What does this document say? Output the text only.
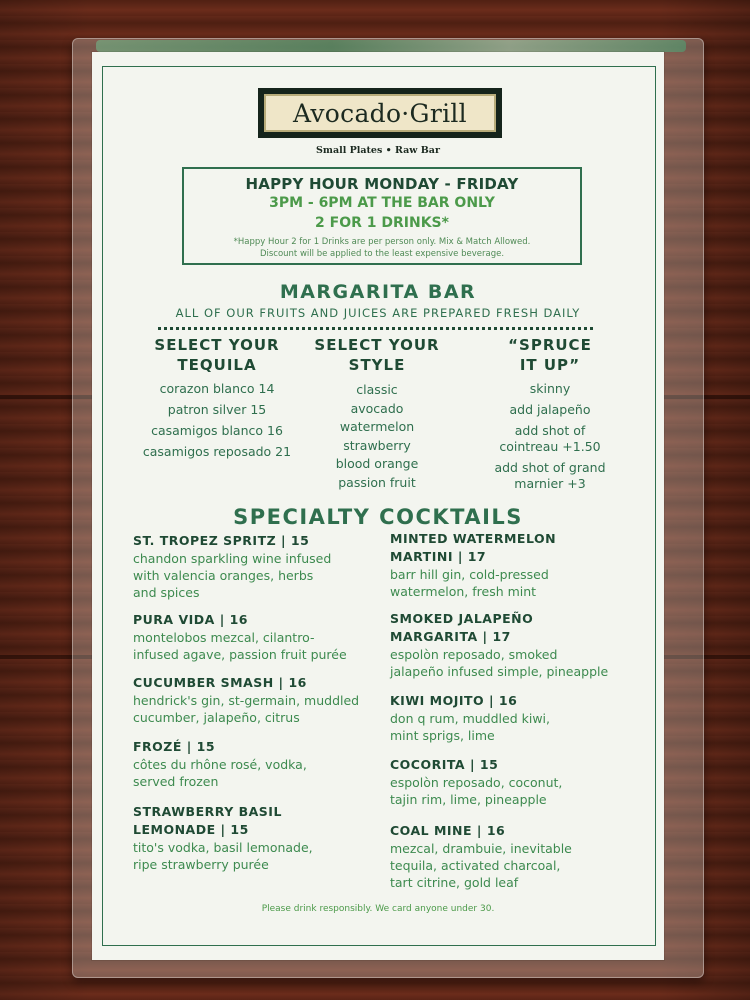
Avocado·Grill
Small Plates • Raw Bar
HAPPY HOUR MONDAY - FRIDAY
3PM - 6PM AT THE BAR ONLY
2 FOR 1 DRINKS*
*Happy Hour 2 for 1 Drinks are per person only. Mix & Match Allowed.
Discount will be applied to the least expensive beverage.
MARGARITA BAR
ALL OF OUR FRUITS AND JUICES ARE PREPARED FRESH DAILY
SELECT YOUR
TEQUILA
corazon blanco 14
patron silver 15
casamigos blanco 16
casamigos reposado 21
SELECT YOUR
STYLE
classic
avocado
watermelon
strawberry
blood orange
passion fruit
“SPRUCE
IT UP”
skinny
add jalapeño
add shot of
cointreau +1.50
add shot of grand
marnier +3
SPECIALTY COCKTAILS
ST. TROPEZ SPRITZ | 15
chandon sparkling wine infused
with valencia oranges, herbs
and spices
PURA VIDA | 16
montelobos mezcal, cilantro-
infused agave, passion fruit purée
CUCUMBER SMASH | 16
hendrick's gin, st-germain, muddled
cucumber, jalapeño, citrus
FROZÉ | 15
côtes du rhône rosé, vodka,
served frozen
STRAWBERRY BASIL
LEMONADE | 15
tito's vodka, basil lemonade,
ripe strawberry purée
MINTED WATERMELON
MARTINI | 17
barr hill gin, cold-pressed
watermelon, fresh mint
SMOKED JALAPEÑO
MARGARITA | 17
espolòn reposado, smoked
jalapeño infused simple, pineapple
KIWI MOJITO | 16
don q rum, muddled kiwi,
mint sprigs, lime
COCORITA | 15
espolòn reposado, coconut,
tajin rim, lime, pineapple
COAL MINE | 16
mezcal, drambuie, inevitable
tequila, activated charcoal,
tart citrine, gold leaf
Please drink responsibly. We card anyone under 30.
